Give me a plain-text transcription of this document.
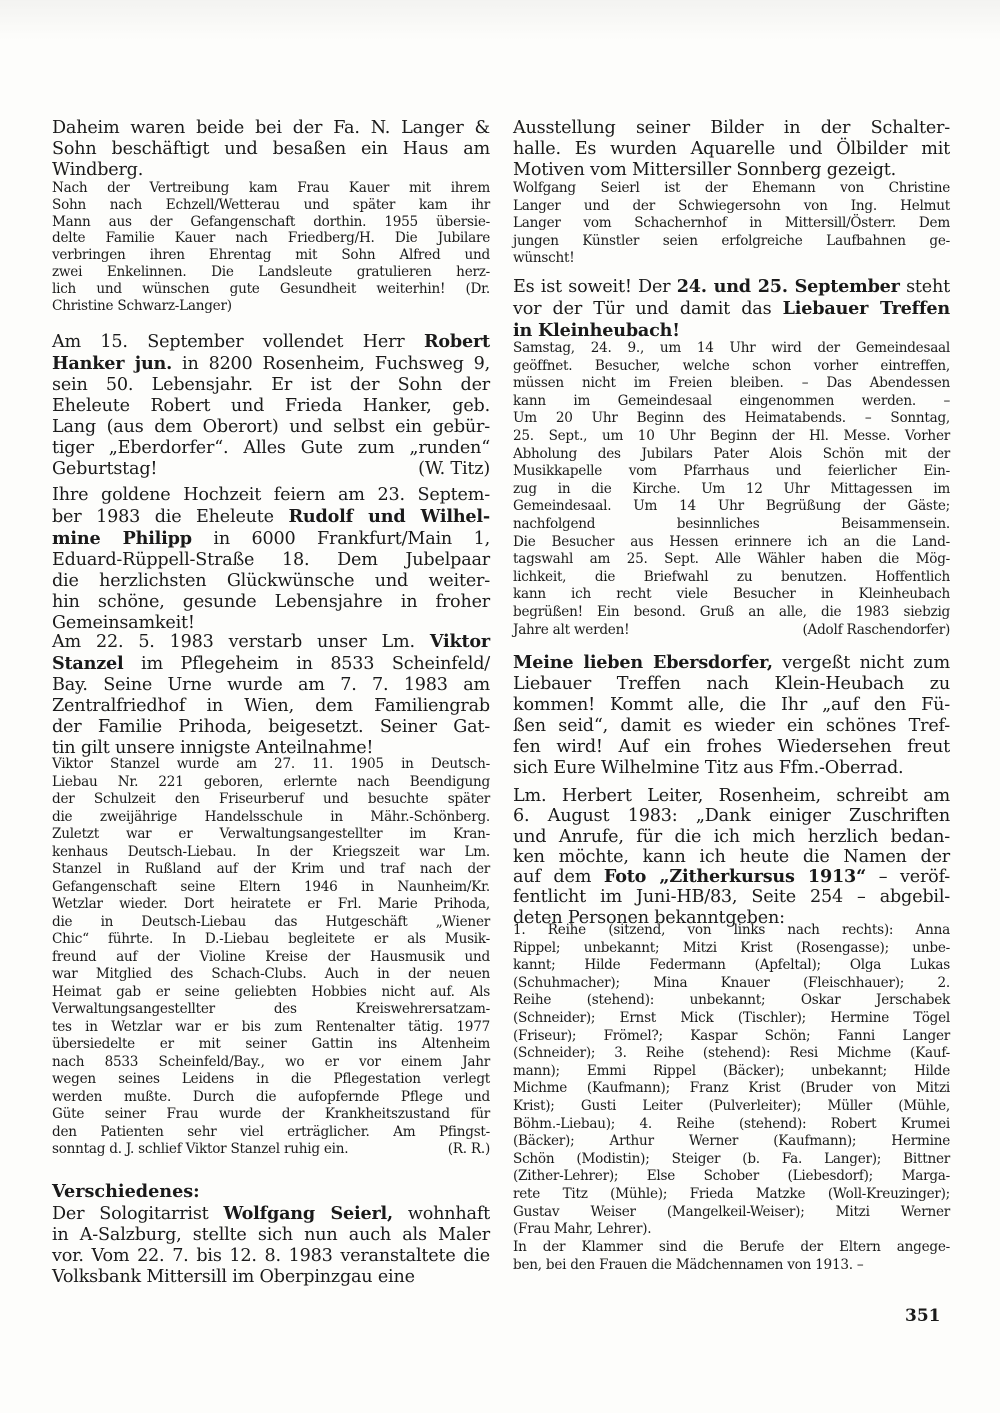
Daheim waren beide bei der Fa. N. Langer &
Sohn beschäftigt und besaßen ein Haus am
Windberg.
Nach der Vertreibung kam Frau Kauer mit ihrem
Sohn nach Echzell/Wetterau und später kam ihr
Mann aus der Gefangenschaft dorthin. 1955 übersie-
delte Familie Kauer nach Friedberg/H. Die Jubilare
verbringen ihren Ehrentag mit Sohn Alfred und
zwei Enkelinnen. Die Landsleute gratulieren herz-
lich und wünschen gute Gesundheit weiterhin! (Dr.
Christine Schwarz-Langer)
Am 15. September vollendet Herr Robert
Hanker jun. in 8200 Rosenheim, Fuchsweg 9,
sein 50. Lebensjahr. Er ist der Sohn der
Eheleute Robert und Frieda Hanker, geb.
Lang (aus dem Oberort) und selbst ein gebür-
tiger „Eberdorfer“. Alles Gute zum „runden“
(W. Titz)
Geburtstag!
Ihre goldene Hochzeit feiern am 23. Septem-
ber 1983 die Eheleute Rudolf und Wilhel-
mine Philipp in 6000 Frankfurt/Main 1,
Eduard-Rüppell-Straße 18. Dem Jubelpaar
die herzlichsten Glückwünsche und weiter-
hin schöne, gesunde Lebensjahre in froher
Gemeinsamkeit!
Am 22. 5. 1983 verstarb unser Lm. Viktor
Stanzel im Pflegeheim in 8533 Scheinfeld/
Bay. Seine Urne wurde am 7. 7. 1983 am
Zentralfriedhof in Wien, dem Familiengrab
der Familie Prihoda, beigesetzt. Seiner Gat-
tin gilt unsere innigste Anteilnahme!
Viktor Stanzel wurde am 27. 11. 1905 in Deutsch-
Liebau Nr. 221 geboren, erlernte nach Beendigung
der Schulzeit den Friseurberuf und besuchte später
die zweijährige Handelsschule in Mähr.-Schönberg.
Zuletzt war er Verwaltungsangestellter im Kran-
kenhaus Deutsch-Liebau. In der Kriegszeit war Lm.
Stanzel in Rußland auf der Krim und traf nach der
Gefangenschaft seine Eltern 1946 in Naunheim/Kr.
Wetzlar wieder. Dort heiratete er Frl. Marie Prihoda,
die in Deutsch-Liebau das Hutgeschäft „Wiener
Chic“ führte. In D.-Liebau begleitete er als Musik-
freund auf der Violine Kreise der Hausmusik und
war Mitglied des Schach-Clubs. Auch in der neuen
Heimat gab er seine geliebten Hobbies nicht auf. Als
Verwaltungsangestellter des Kreiswehrersatzam-
tes in Wetzlar war er bis zum Rentenalter tätig. 1977
übersiedelte er mit seiner Gattin ins Altenheim
nach 8533 Scheinfeld/Bay., wo er vor einem Jahr
wegen seines Leidens in die Pflegestation verlegt
werden mußte. Durch die aufopfernde Pflege und
Güte seiner Frau wurde der Krankheitszustand für
den Patienten sehr viel erträglicher. Am Pfingst-
(R. R.)
sonntag d. J. schlief Viktor Stanzel ruhig ein.
Verschiedenes:
Der Sologitarrist Wolfgang Seierl, wohnhaft
in A-Salzburg, stellte sich nun auch als Maler
vor. Vom 22. 7. bis 12. 8. 1983 veranstaltete die
Volksbank Mittersill im Oberpinzgau eine
Ausstellung seiner Bilder in der Schalter-
halle. Es wurden Aquarelle und Ölbilder mit
Motiven vom Mittersiller Sonnberg gezeigt.
Wolfgang Seierl ist der Ehemann von Christine
Langer und der Schwiegersohn von Ing. Helmut
Langer vom Schachernhof in Mittersill/Österr. Dem
jungen Künstler seien erfolgreiche Laufbahnen ge-
wünscht!
Es ist soweit! Der 24. und 25. September steht
vor der Tür und damit das Liebauer Treffen
in Kleinheubach!
Samstag, 24. 9., um 14 Uhr wird der Gemeindesaal
geöffnet. Besucher, welche schon vorher eintreffen,
müssen nicht im Freien bleiben. – Das Abendessen
kann im Gemeindesaal eingenommen werden. –
Um 20 Uhr Beginn des Heimatabends. – Sonntag,
25. Sept., um 10 Uhr Beginn der Hl. Messe. Vorher
Abholung des Jubilars Pater Alois Schön mit der
Musikkapelle vom Pfarrhaus und feierlicher Ein-
zug in die Kirche. Um 12 Uhr Mittagessen im
Gemeindesaal. Um 14 Uhr Begrüßung der Gäste;
nachfolgend besinnliches Beisammensein.
Die Besucher aus Hessen erinnere ich an die Land-
tagswahl am 25. Sept. Alle Wähler haben die Mög-
lichkeit, die Briefwahl zu benutzen. Hoffentlich
kann ich recht viele Besucher in Kleinheubach
begrüßen! Ein besond. Gruß an alle, die 1983 siebzig
(Adolf Raschendorfer)
Jahre alt werden!
Meine lieben Ebersdorfer, vergeßt nicht zum
Liebauer Treffen nach Klein-Heubach zu
kommen! Kommt alle, die Ihr „auf den Fü-
ßen seid“, damit es wieder ein schönes Tref-
fen wird! Auf ein frohes Wiedersehen freut
sich Eure Wilhelmine Titz aus Ffm.-Oberrad.
Lm. Herbert Leiter, Rosenheim, schreibt am
6. August 1983: „Dank einiger Zuschriften
und Anrufe, für die ich mich herzlich bedan-
ken möchte, kann ich heute die Namen der
auf dem Foto „Zitherkursus 1913“ – veröf-
fentlicht im Juni-HB/83, Seite 254 – abgebil-
deten Personen bekanntgeben:
1. Reihe (sitzend, von links nach rechts): Anna
Rippel; unbekannt; Mitzi Krist (Rosengasse); unbe-
kannt; Hilde Federmann (Apfeltal); Olga Lukas
(Schuhmacher); Mina Knauer (Fleischhauer); 2.
Reihe (stehend): unbekannt; Oskar Jerschabek
(Schneider); Ernst Mick (Tischler); Hermine Tögel
(Friseur); Frömel?; Kaspar Schön; Fanni Langer
(Schneider); 3. Reihe (stehend): Resi Michme (Kauf-
mann); Emmi Rippel (Bäcker); unbekannt; Hilde
Michme (Kaufmann); Franz Krist (Bruder von Mitzi
Krist); Gusti Leiter (Pulverleiter); Müller (Mühle,
Böhm.-Liebau); 4. Reihe (stehend): Robert Krumei
(Bäcker); Arthur Werner (Kaufmann); Hermine
Schön (Modistin); Steiger (b. Fa. Langer); Bittner
(Zither-Lehrer); Else Schober (Liebesdorf); Marga-
rete Titz (Mühle); Frieda Matzke (Woll-Kreuzinger);
Gustav Weiser (Mangelkeil-Weiser); Mitzi Werner
(Frau Mahr, Lehrer).
In der Klammer sind die Berufe der Eltern angege-
ben, bei den Frauen die Mädchennamen von 1913. –
351
